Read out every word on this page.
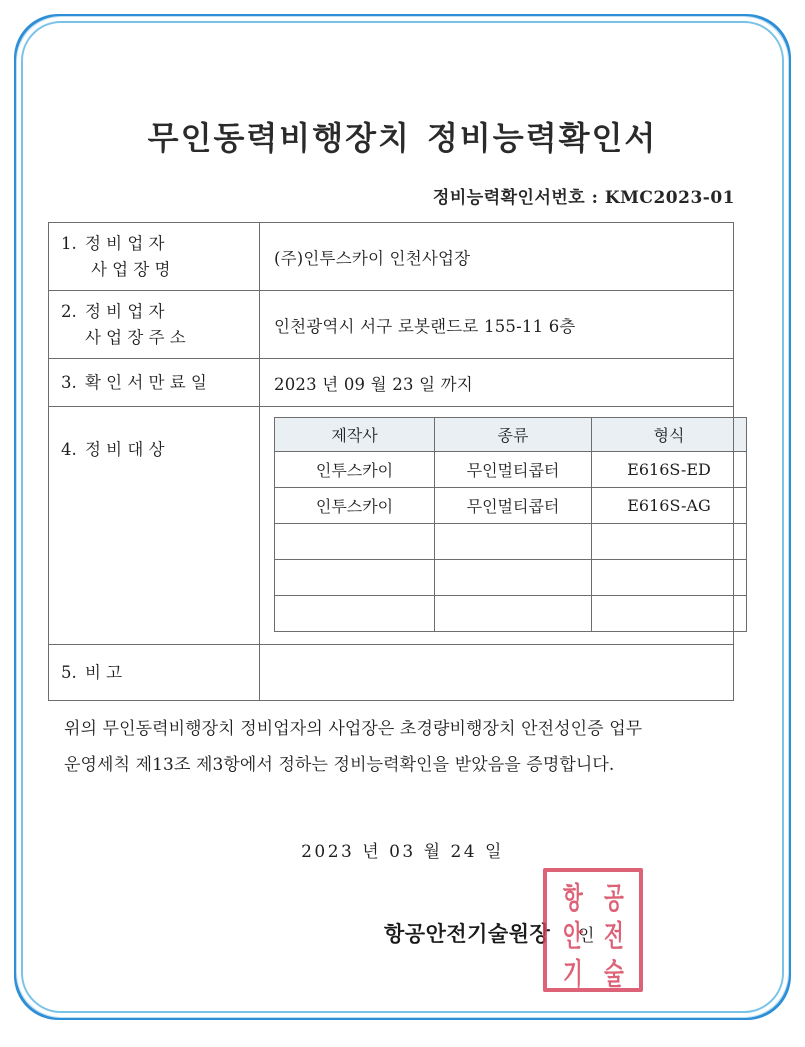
무인동력비행장치 정비능력확인서
정비능력확인서번호 : KMC2023-01
1. 정 비 업 자
사 업 장 명
	(주)인투스카이 인천사업장

2. 정 비 업 자
사 업 장 주 소
	인천광역시 서구 로봇랜드로 155-11 6층

3. 확 인 서 만 료 일	2023 년 09 월 23 일 까지

4. 정 비 대 상

제작사	종류	형식
인투스카이	무인멀티콥터	E616S-ED
인투스카이	무인멀티콥터	E616S-AG

5. 비 고

위의 무인동력비행장치 정비업자의 사업장은 초경량비행장치 안전성인증 업무
운영세칙 제13조 제3항에서 정하는 정비능력확인을 받았음을 증명합니다.
2023 년 03 월 24 일
항공안전기술원장 인
항 공
안 전
기 술
